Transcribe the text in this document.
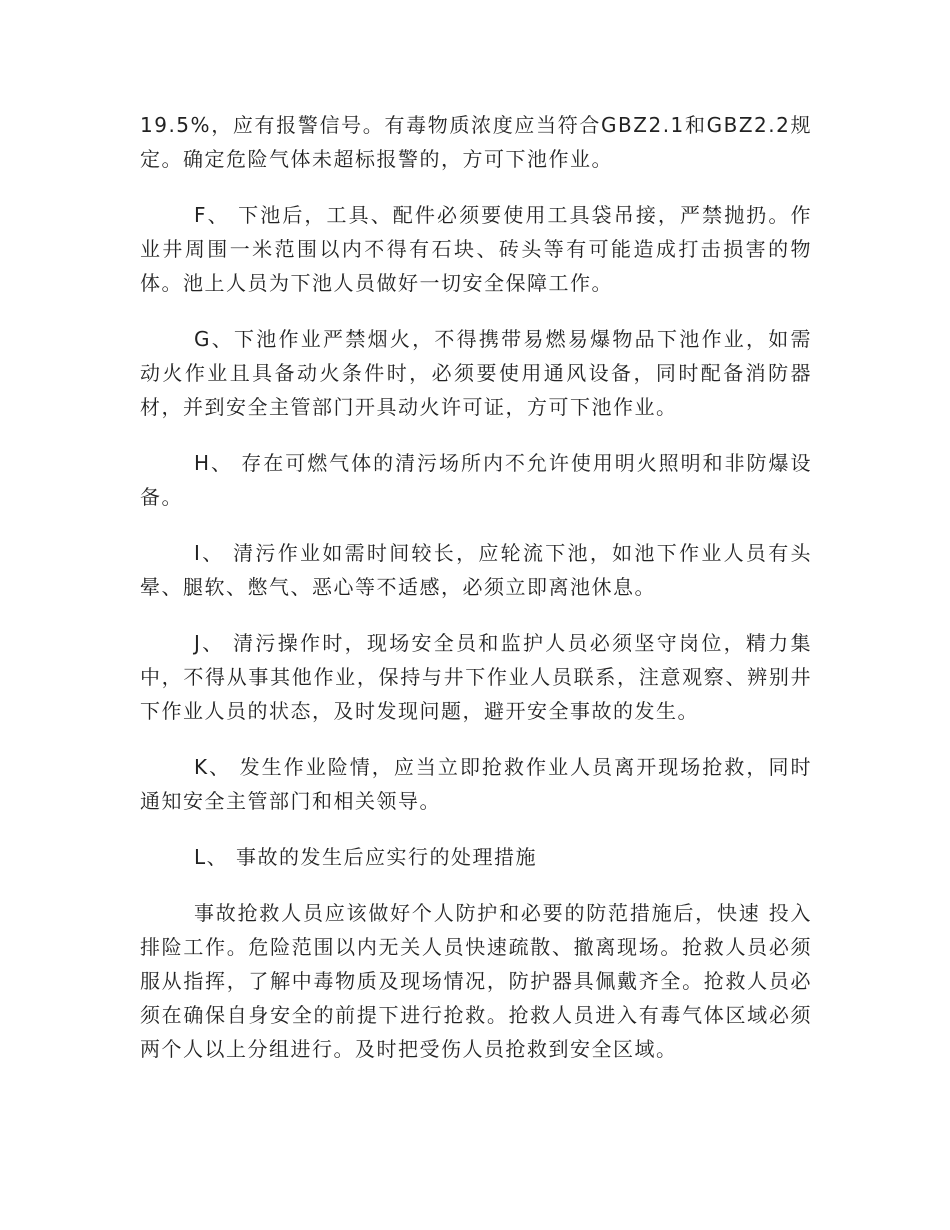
19.5%，应有报警信号。有毒物质浓度应当符合GBZ2.1和GBZ2.2规定。确定危险气体未超标报警的，方可下池作业。

F、 下池后，工具、配件必须要使用工具袋吊接，严禁抛扔。作业井周围一米范围以内不得有石块、砖头等有可能造成打击损害的物体。池上人员为下池人员做好一切安全保障工作。

G、下池作业严禁烟火，不得携带易燃易爆物品下池作业，如需动火作业且具备动火条件时，必须要使用通风设备，同时配备消防器材，并到安全主管部门开具动火许可证，方可下池作业。

H、 存在可燃气体的清污场所内不允许使用明火照明和非防爆设备。

I、 清污作业如需时间较长，应轮流下池，如池下作业人员有头晕、腿软、憋气、恶心等不适感，必须立即离池休息。

J、 清污操作时，现场安全员和监护人员必须坚守岗位，精力集中，不得从事其他作业，保持与井下作业人员联系，注意观察、辨别井下作业人员的状态，及时发现问题，避开安全事故的发生。

K、 发生作业险情，应当立即抢救作业人员离开现场抢救，同时通知安全主管部门和相关领导。

L、 事故的发生后应实行的处理措施

事故抢救人员应该做好个人防护和必要的防范措施后，快速 投入排险工作。危险范围以内无关人员快速疏散、撤离现场。抢救人员必须服从指挥，了解中毒物质及现场情况，防护器具佩戴齐全。抢救人员必须在确保自身安全的前提下进行抢救。抢救人员进入有毒气体区域必须两个人以上分组进行。及时把受伤人员抢救到安全区域。
